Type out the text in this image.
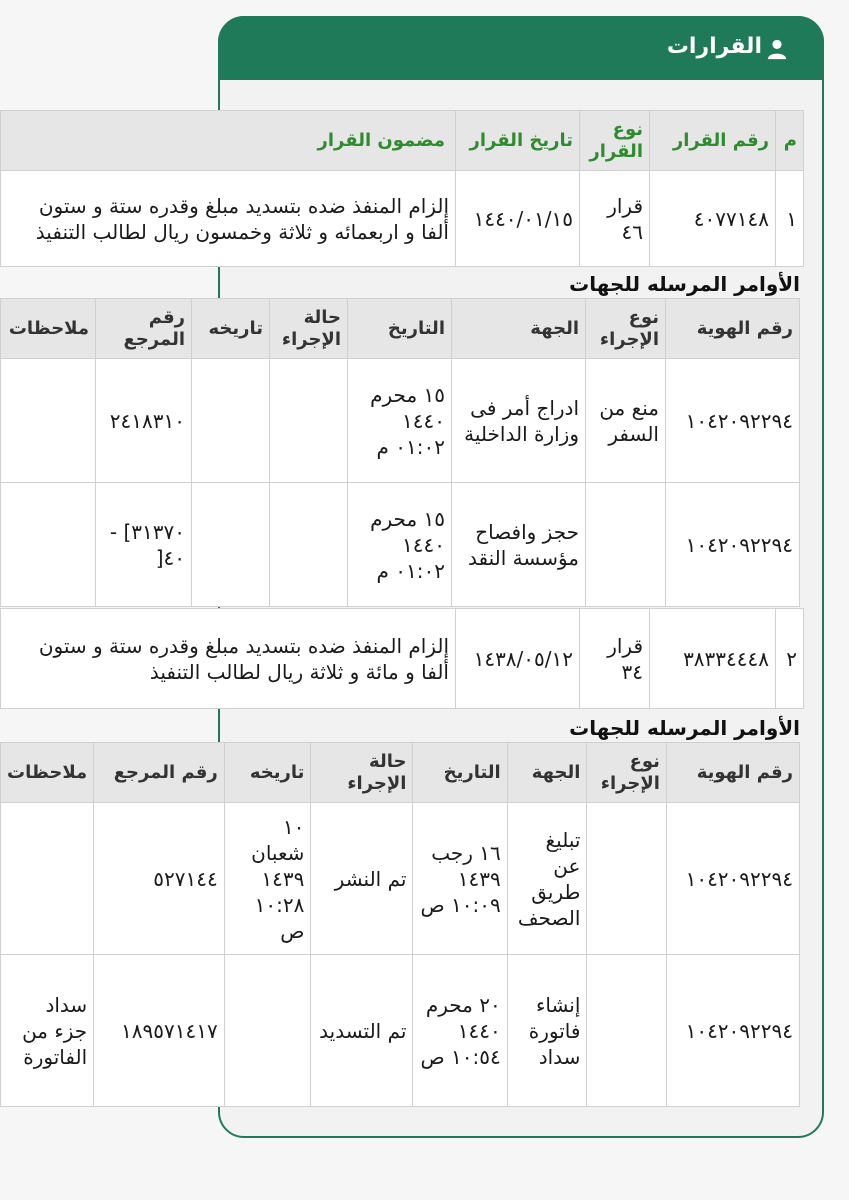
القرارات
م	رقم القرار	نوع القرار	تاريخ القرار	مضمون القرار
١	٤٠٧٧١٤٨	قرار ٤٦	١٤٤٠/٠١/١٥	إلزام المنفذ ضده بتسديد مبلغ وقدره ستة و ستون ألفا و اربعمائه و ثلاثة وخمسون ريال لطالب التنفيذ
الأوامر المرسله للجهات
رقم الهوية	نوع الإجراء	الجهة	التاريخ	حالة الإجراء	تاريخه	رقم المرجع	ملاحظات
١٠٤٢٠٩٢٢٩٤	منع من السفر	ادراج أمر فى وزارة الداخلية	١٥ محرم ١٤٤٠ ٠١:٠٢ م			٢٤١٨٣١٠	
١٠٤٢٠٩٢٢٩٤		حجز وافصاح مؤسسة النقد	١٥ محرم ١٤٤٠ ٠١:٠٢ م			٣١٣٧٠] - ٤٠[	
٢	٣٨٣٣٤٤٤٨	قرار ٣٤	١٤٣٨/٠٥/١٢	إلزام المنفذ ضده بتسديد مبلغ وقدره ستة و ستون ألفا و مائة و ثلاثة ريال لطالب التنفيذ
الأوامر المرسله للجهات
رقم الهوية	نوع الإجراء	الجهة	التاريخ	حالة الإجراء	تاريخه	رقم المرجع	ملاحظات
١٠٤٢٠٩٢٢٩٤		تبليغ عن طريق الصحف	١٦ رجب ١٤٣٩ ١٠:٠٩ ص	تم النشر	١٠ شعبان ١٤٣٩ ١٠:٢٨ ص	٥٢٧١٤٤	
١٠٤٢٠٩٢٢٩٤		إنشاء فاتورة سداد	٢٠ محرم ١٤٤٠ ١٠:٥٤ ص	تم التسديد		١٨٩٥٧١٤١٧	سداد جزء من الفاتورة
